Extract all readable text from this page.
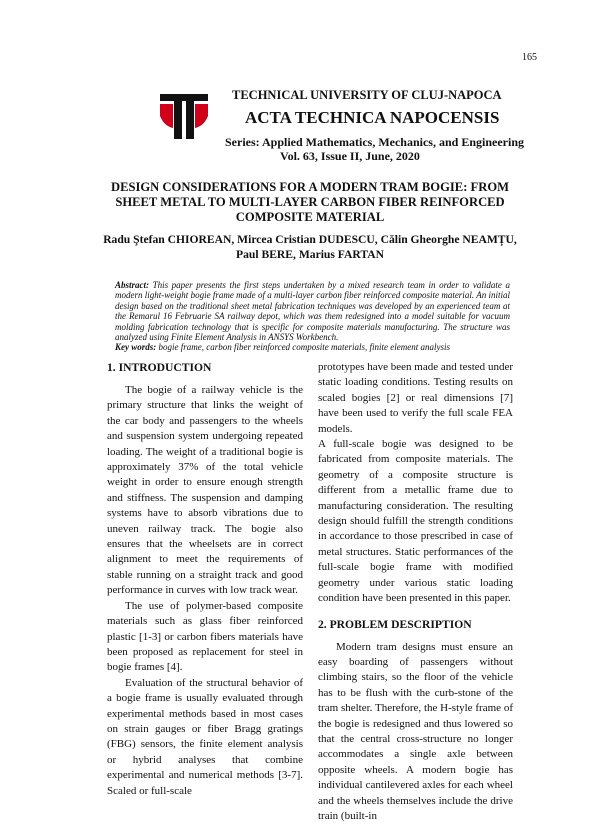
165
TECHNICAL UNIVERSITY OF CLUJ-NAPOCA
ACTA TECHNICA NAPOCENSIS
Series: Applied Mathematics, Mechanics, and Engineering
Vol. 63, Issue II, June, 2020
DESIGN CONSIDERATIONS FOR A MODERN TRAM BOGIE: FROM SHEET METAL TO MULTI-LAYER CARBON FIBER REINFORCED COMPOSITE MATERIAL
Radu Ştefan CHIOREAN, Mircea Cristian DUDESCU, Călin Gheorghe NEAMȚU,
Paul BERE, Marius FARTAN
Abstract: This paper presents the first steps undertaken by a mixed research team in order to validate a modern light-weight bogie frame made of a multi-layer carbon fiber reinforced composite material. An initial design based on the traditional sheet metal fabrication techniques was developed by an experienced team at the Remarul 16 Februarie SA railway depot, which was them redesigned into a model suitable for vacuum molding fabrication technology that is specific for composite materials manufacturing. The structure was analyzed using Finite Element Analysis in ANSYS Workbench.
Key words: bogie frame, carbon fiber reinforced composite materials, finite element analysis
1. INTRODUCTION

The bogie of a railway vehicle is the primary structure that links the weight of the car body and passengers to the wheels and suspension system undergoing repeated loading. The weight of a traditional bogie is approximately 37% of the total vehicle weight in order to ensure enough strength and stiffness. The suspension and damping systems have to absorb vibrations due to uneven railway track. The bogie also ensures that the wheelsets are in correct alignment to meet the requirements of stable running on a straight track and good performance in curves with low track wear.

The use of polymer-based composite materials such as glass fiber reinforced plastic [1-3] or carbon fibers materials have been proposed as replacement for steel in bogie frames [4].

Evaluation of the structural behavior of a bogie frame is usually evaluated through experimental methods based in most cases on strain gauges or fiber Bragg gratings (FBG) sensors, the finite element analysis or hybrid analyses that combine experimental and numerical methods [3-7]. Scaled or full-scale

prototypes have been made and tested under static loading conditions. Testing results on scaled bogies [2] or real dimensions [7] have been used to verify the full scale FEA models.

A full-scale bogie was designed to be fabricated from composite materials. The geometry of a composite structure is different from a metallic frame due to manufacturing consideration. The resulting design should fulfill the strength conditions in accordance to those prescribed in case of metal structures. Static performances of the full-scale bogie frame with modified geometry under various static loading condition have been presented in this paper.

2. PROBLEM DESCRIPTION

Modern tram designs must ensure an easy boarding of passengers without climbing stairs, so the floor of the vehicle has to be flush with the curb-stone of the tram shelter. Therefore, the H-style frame of the bogie is redesigned and thus lowered so that the central cross-structure no longer accommodates a single axle between opposite wheels. A modern bogie has individual cantilevered axles for each wheel and the wheels themselves include the drive train (built-in
